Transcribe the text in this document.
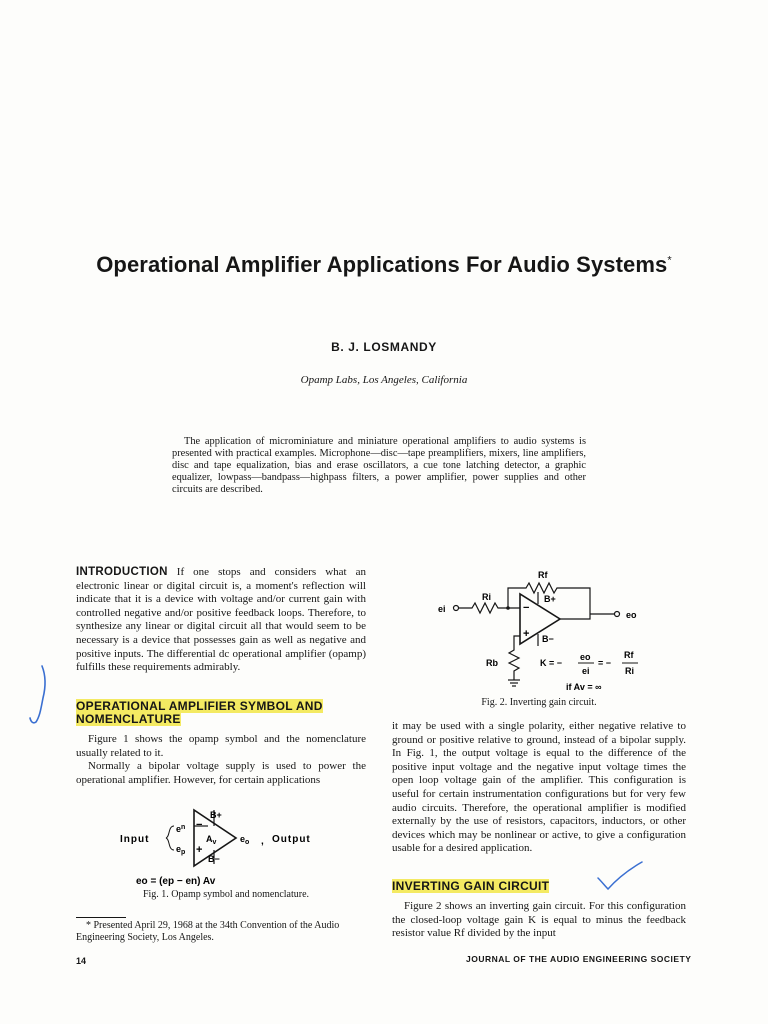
Operational Amplifier Applications For Audio Systems*
B. J. LOSMANDY
Opamp Labs, Los Angeles, California
The application of microminiature and miniature operational amplifiers to audio systems is presented with practical examples. Microphone—disc—tape preamplifiers, mixers, line amplifiers, disc and tape equalization, bias and erase oscillators, a cue tone latching detector, a graphic equalizer, lowpass—bandpass—highpass filters, a power amplifier, power supplies and other circuits are described.
INTRODUCTION If one stops and considers what an electronic linear or digital circuit is, a moment's reflection will indicate that it is a device with voltage and/or current gain with controlled negative and/or positive feedback loops. Therefore, to synthesize any linear or digital circuit all that would seem to be necessary is a device that possesses gain as well as negative and positive inputs. The differential dc operational amplifier (opamp) fulfills these requirements admirably.
OPERATIONAL AMPLIFIER SYMBOL AND NOMENCLATURE

Figure 1 shows the opamp symbol and the nomenclature usually related to it.

Normally a bipolar voltage supply is used to power the operational amplifier. However, for certain applications

Input
$e^n$
$e_p$
−
+
$A_v$
B+
B−
$e_o$ , Output
eo = (ep − en) Av
Fig. 1. Opamp symbol and nomenclature.
* Presented April 29, 1968 at the 34th Convention of the Audio Engineering Society, Los Angeles.
Rf
ei
Ri
−
+
B+
B−
eo
Rb	K = −
eo
ei
= −
Rf
Ri
if Av = ∞
Fig. 2. Inverting gain circuit.
it may be used with a single polarity, either negative relative to ground or positive relative to ground, instead of a bipolar supply. In Fig. 1, the output voltage is equal to the difference of the positive input voltage and the negative input voltage times the open loop voltage gain of the amplifier. This configuration is useful for certain instrumentation configurations but for very few audio circuits. Therefore, the operational amplifier is modified externally by the use of resistors, capacitors, inductors, or other devices which may be nonlinear or active, to give a configuration usable for a desired application.
INVERTING GAIN CIRCUIT
Figure 2 shows an inverting gain circuit. For this configuration the closed-loop voltage gain K is equal to minus the feedback resistor value Rf divided by the input
14	JOURNAL OF THE AUDIO ENGINEERING SOCIETY
